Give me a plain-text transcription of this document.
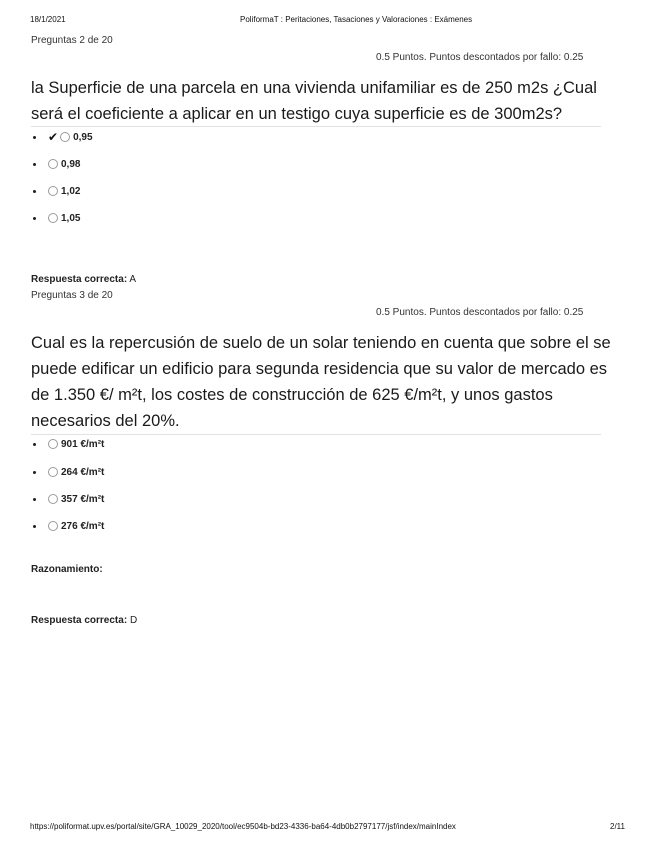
18/1/2021	PoliformaT : Peritaciones, Tasaciones y Valoraciones : Exámenes
Preguntas 2 de 20
0.5 Puntos. Puntos descontados por fallo: 0.25
la Superficie de una parcela en una vivienda unifamiliar es de 250 m2s ¿Cual será el coeficiente a aplicar en un testigo cuya superficie es de 300m2s?
✔ 0,95
0,98
1,02
1,05
Respuesta correcta: A
Preguntas 3 de 20
0.5 Puntos. Puntos descontados por fallo: 0.25
Cual es la repercusión de suelo de un solar teniendo en cuenta que sobre el se puede edificar un edificio para segunda residencia que su valor de mercado es de 1.350 €/ m²t, los costes de construcción de 625 €/m²t, y unos gastos necesarios del 20%.
901 €/m²t
264 €/m²t
357 €/m²t
276 €/m²t
Razonamiento:
Respuesta correcta: D
https://poliformat.upv.es/portal/site/GRA_10029_2020/tool/ec9504b-bd23-4336-ba64-4db0b2797177/jsf/index/mainIndex	2/11
